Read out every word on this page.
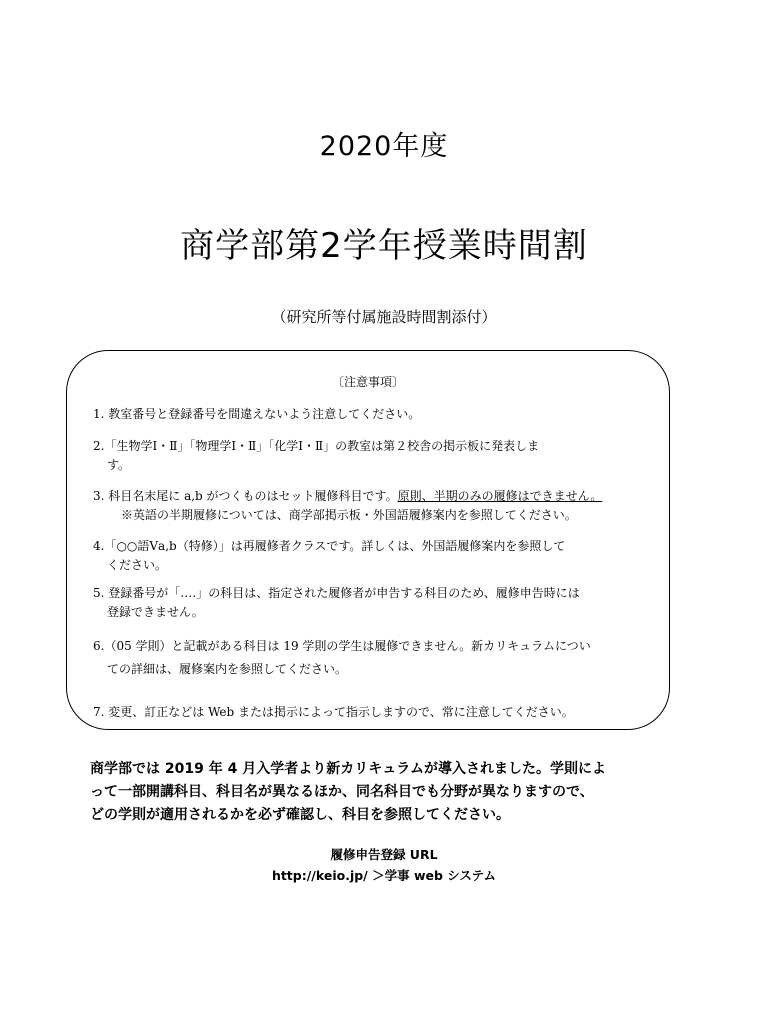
2020年度
商学部第2学年授業時間割
（研究所等付属施設時間割添付）
〔注意事項〕
1. 教室番号と登録番号を間違えないよう注意してください。
2.「生物学Ⅰ・Ⅱ」「物理学Ⅰ・Ⅱ」「化学Ⅰ・Ⅱ」の教室は第２校舎の掲示板に発表しま
す。
3. 科目名末尾に a,b がつくものはセット履修科目です。原則、半期のみの履修はできません。
※英語の半期履修については、商学部掲示板・外国語履修案内を参照してください。
4.「○○語Ⅴa,b（特修）」は再履修者クラスです。詳しくは、外国語履修案内を参照して
ください。
5. 登録番号が「‥‥」の科目は、指定された履修者が申告する科目のため、履修申告時には
登録できません。
6.（05 学則）と記載がある科目は 19 学則の学生は履修できません。新カリキュラムについ
ての詳細は、履修案内を参照してください。
7. 変更、訂正などは Web または掲示によって指示しますので、常に注意してください。
商学部では 2019 年 4 月入学者より新カリキュラムが導入されました。学則によ
って一部開講科目、科目名が異なるほか、同名科目でも分野が異なりますので、
どの学則が適用されるかを必ず確認し、科目を参照してください。
履修申告登録 URL
http://keio.jp/ ＞学事 web システム
